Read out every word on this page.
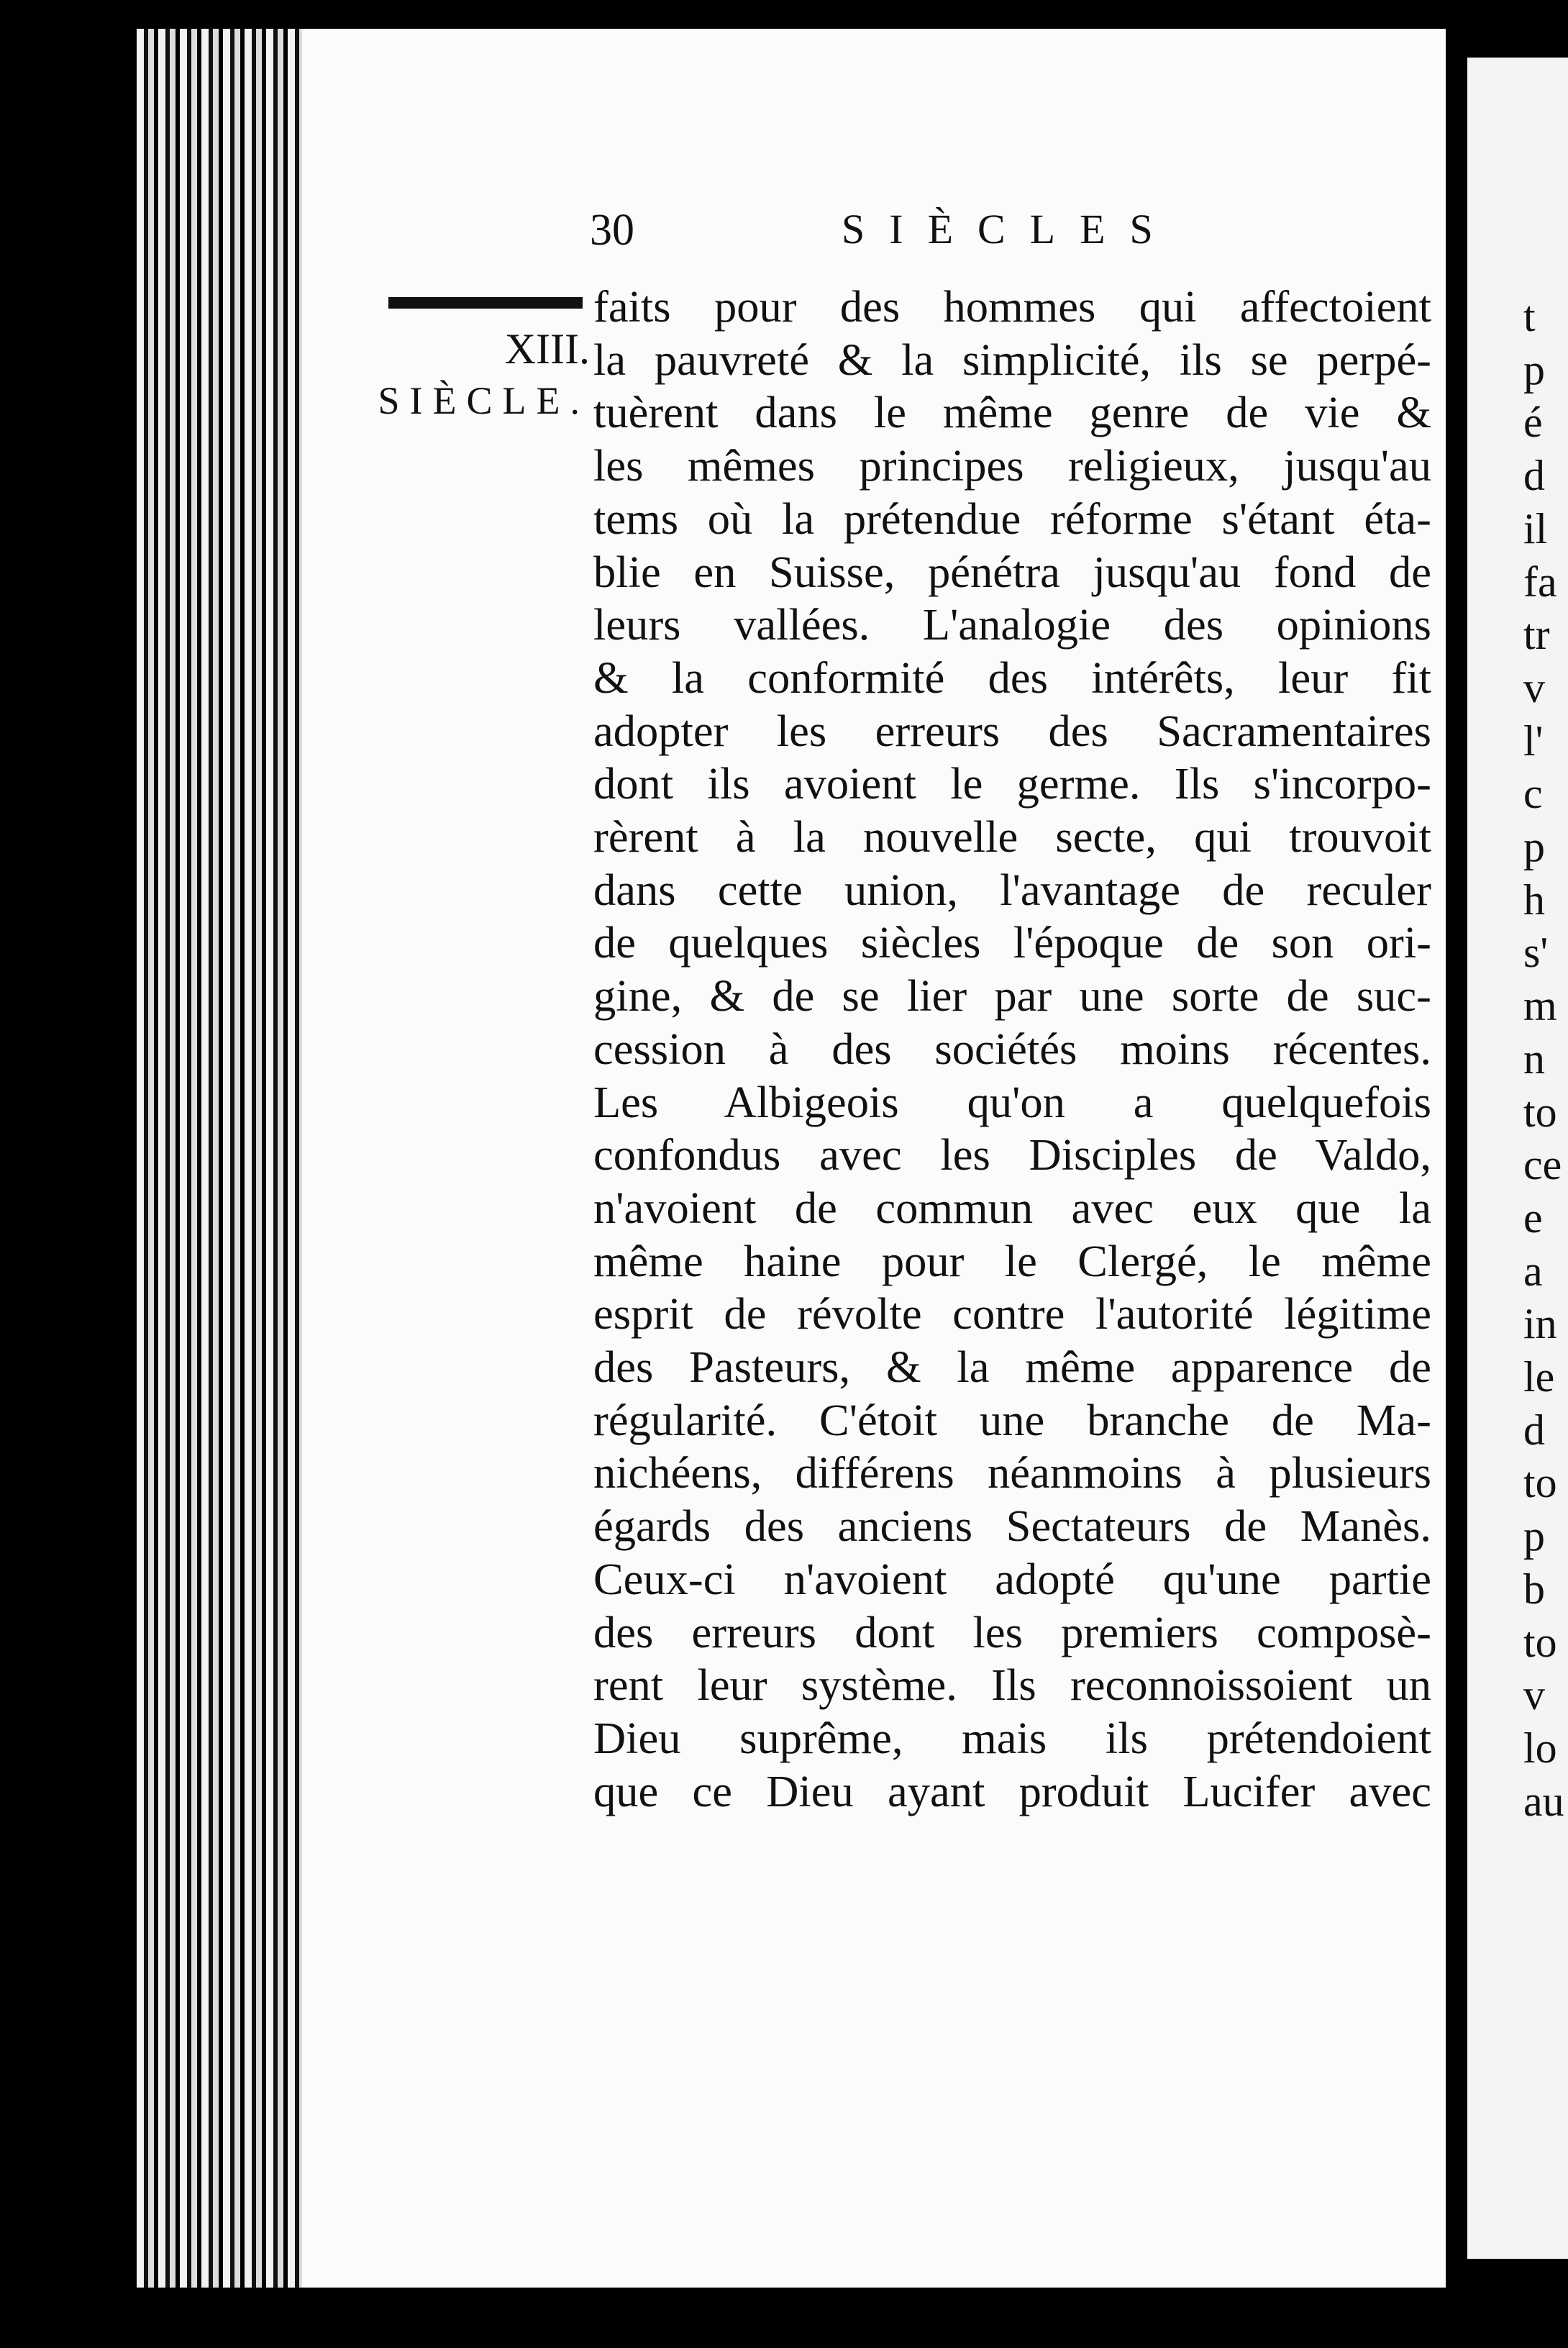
t
p
é
d
il
fa
tr
v
l'
c
p
h
s'
m
n
to
ce
e
a
in
le
d
to
p
b
to
v
lo
au
30	SIÈCLES
XIII.
SIÈCLE.
faits pour des hommes qui affectoient
la pauvreté & la simplicité, ils se perpé-
tuèrent dans le même genre de vie &
les mêmes principes religieux, jusqu'au
tems où la prétendue réforme s'étant éta-
blie en Suisse, pénétra jusqu'au fond de
leurs vallées. L'analogie des opinions
& la conformité des intérêts, leur fit
adopter les erreurs des Sacramentaires
dont ils avoient le germe. Ils s'incorpo-
rèrent à la nouvelle secte, qui trouvoit
dans cette union, l'avantage de reculer
de quelques siècles l'époque de son ori-
gine, & de se lier par une sorte de suc-
cession à des sociétés moins récentes.
Les Albigeois qu'on a quelquefois
confondus avec les Disciples de Valdo,
n'avoient de commun avec eux que la
même haine pour le Clergé, le même
esprit de révolte contre l'autorité légitime
des Pasteurs, & la même apparence de
régularité. C'étoit une branche de Ma-
nichéens, différens néanmoins à plusieurs
égards des anciens Sectateurs de Manès.
Ceux-ci n'avoient adopté qu'une partie
des erreurs dont les premiers composè-
rent leur système. Ils reconnoissoient un
Dieu suprême, mais ils prétendoient
que ce Dieu ayant produit Lucifer avec
